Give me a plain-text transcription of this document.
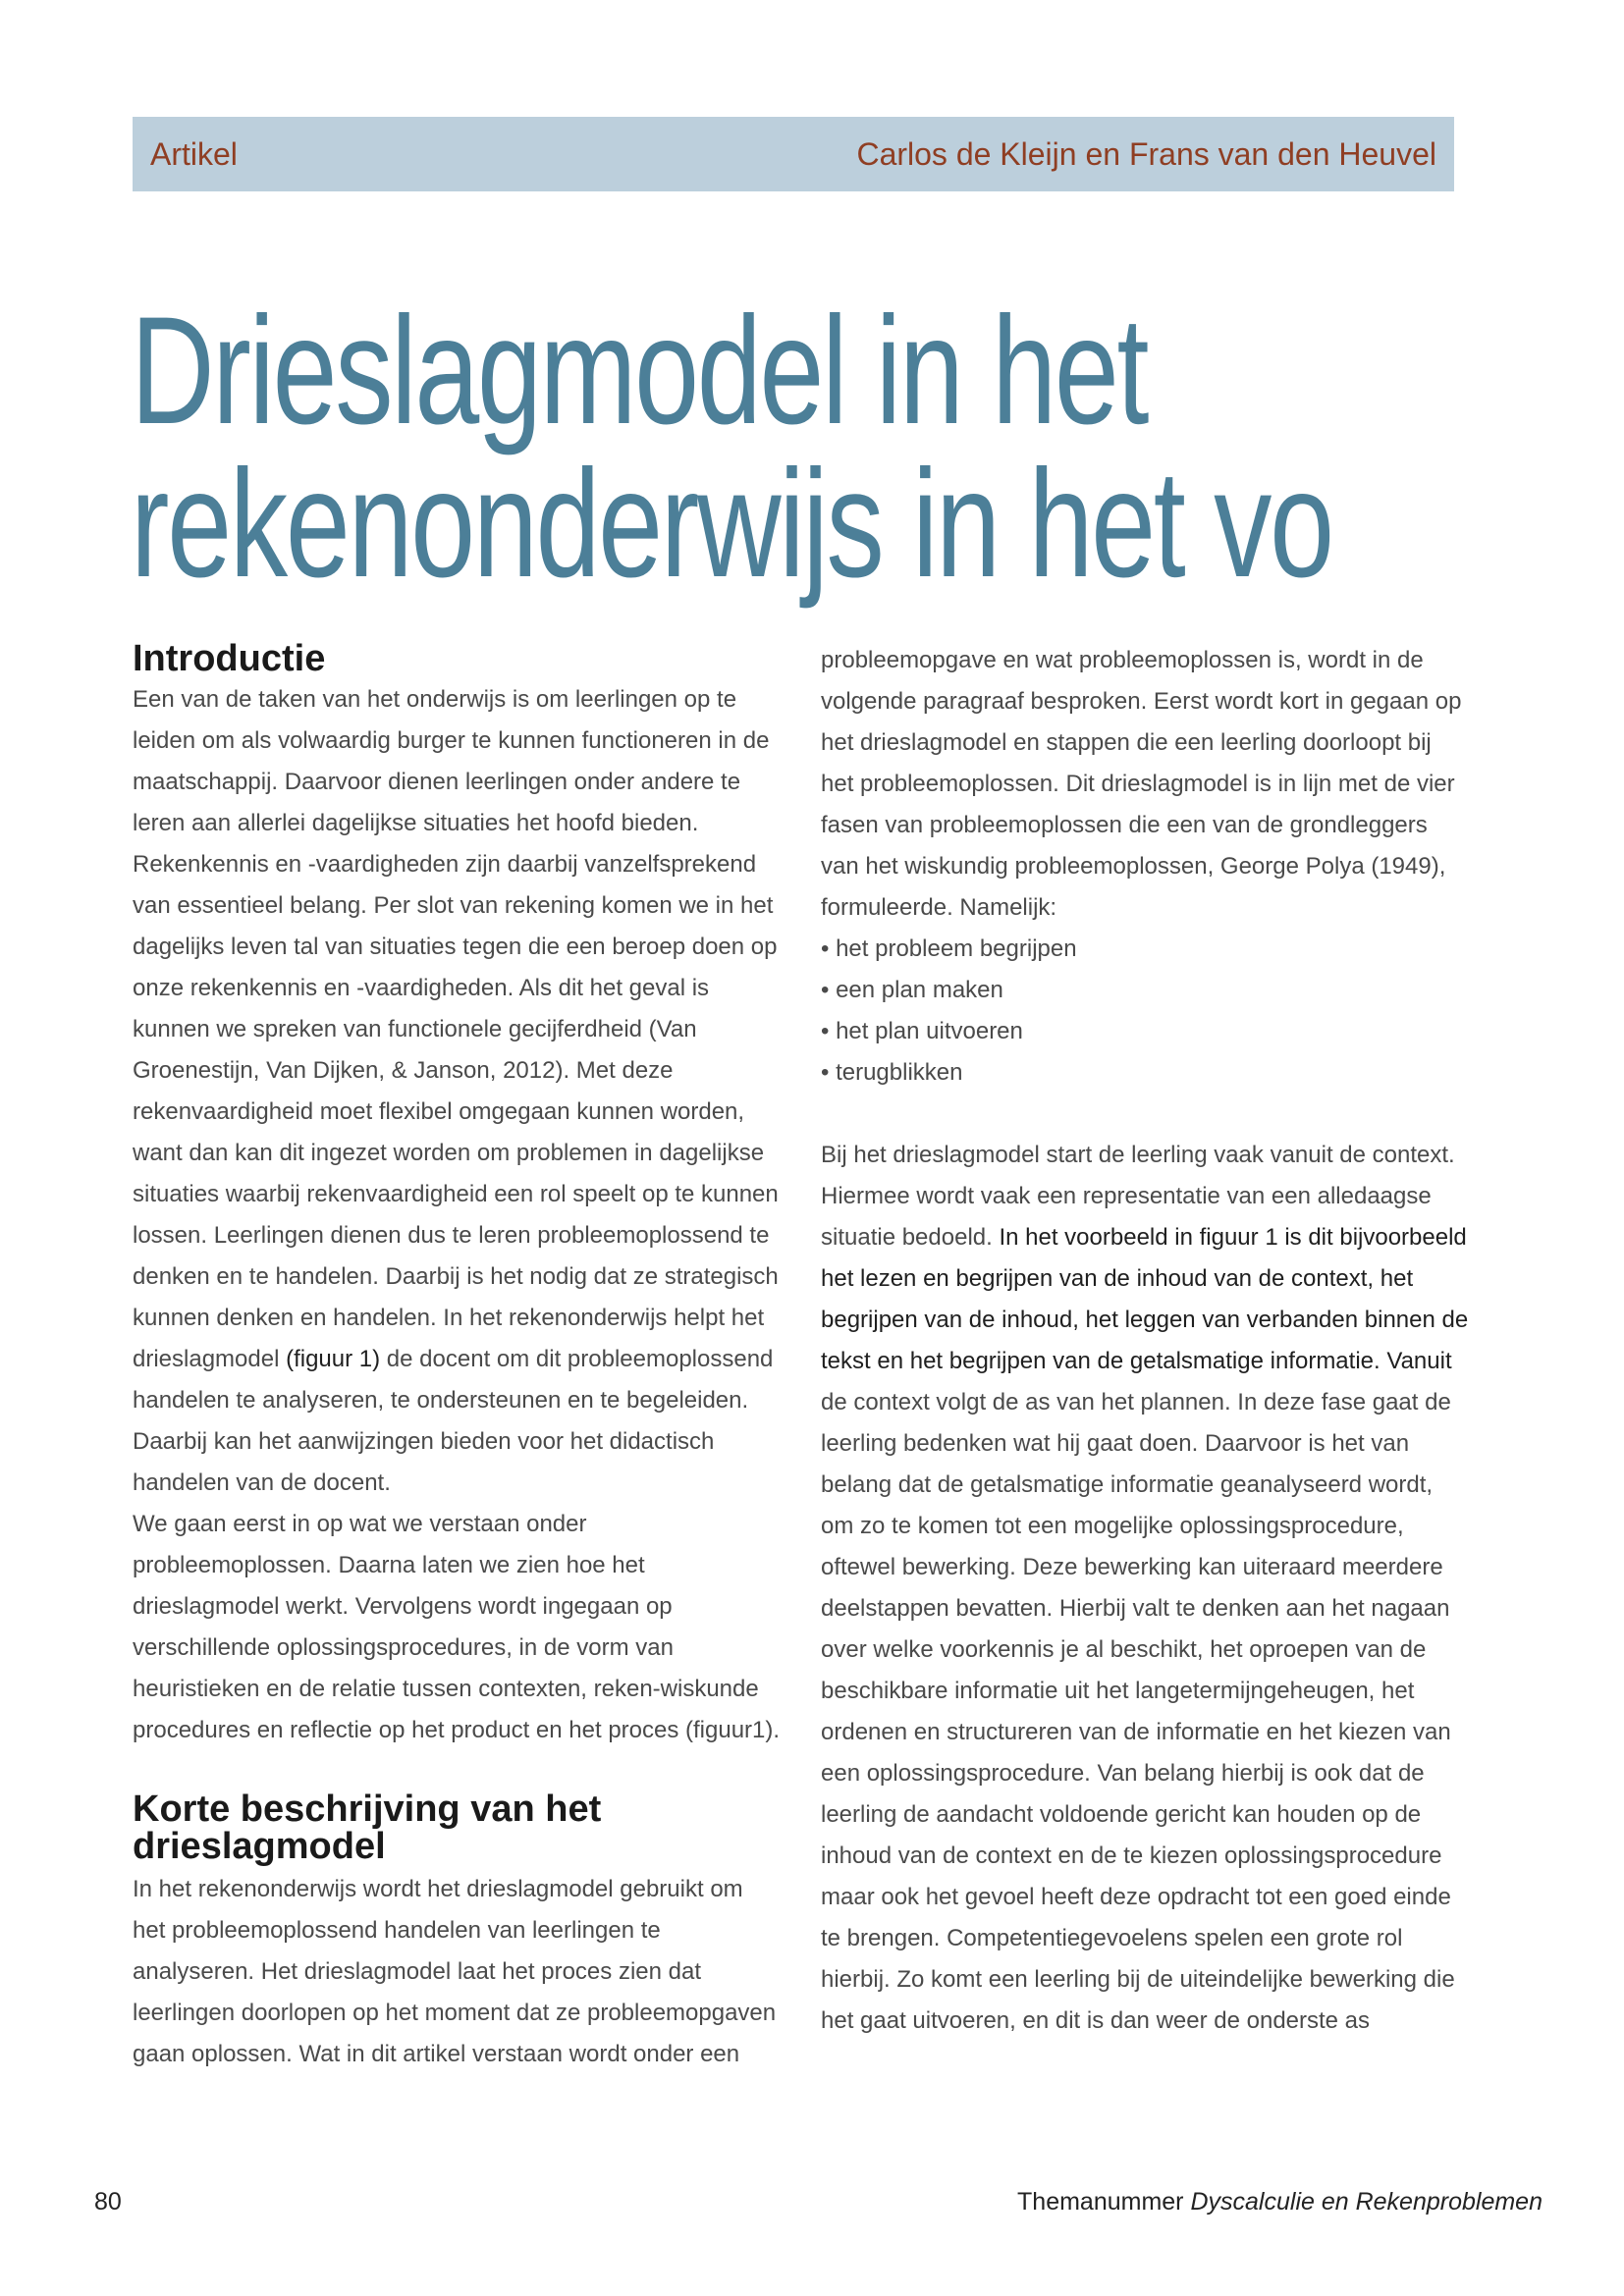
Artikel	Carlos de Kleijn en Frans van den Heuvel
Drieslagmodel in het
rekenonderwijs in het vo
Introductie

Een van de taken van het onderwijs is om leerlingen op te leiden om als volwaardig burger te kunnen functioneren in de maatschappij. Daarvoor dienen leerlingen onder andere te leren aan allerlei dagelijkse situaties het hoofd bieden. Rekenkennis en -vaardigheden zijn daarbij vanzelfsprekend van essentieel belang. Per slot van rekening komen we in het dagelijks leven tal van situaties tegen die een beroep doen op onze rekenkennis en -vaardigheden. Als dit het geval is kunnen we spreken van functionele gecijferdheid (Van Groenestijn, Van Dijken, & Janson, 2012). Met deze rekenvaardigheid moet flexibel omgegaan kunnen worden, want dan kan dit ingezet worden om problemen in dagelijkse situaties waarbij rekenvaardigheid een rol speelt op te kunnen lossen. Leerlingen dienen dus te leren probleemoplossend te denken en te handelen. Daarbij is het nodig dat ze strategisch kunnen denken en handelen. In het rekenonderwijs helpt het drieslagmodel (figuur 1) de docent om dit probleemoplossend handelen te analyseren, te ondersteunen en te begeleiden. Daarbij kan het aanwijzingen bieden voor het didactisch handelen van de docent.

We gaan eerst in op wat we verstaan onder probleemoplossen. Daarna laten we zien hoe het drieslagmodel werkt. Vervolgens wordt ingegaan op verschillende oplossingsprocedures, in de vorm van heuristieken en de relatie tussen contexten, reken-wiskunde procedures en reflectie op het product en het proces (figuur1).

Korte beschrijving van het drieslagmodel

In het rekenonderwijs wordt het drieslagmodel gebruikt om het probleemoplossend handelen van leerlingen te analyseren. Het drieslagmodel laat het proces zien dat leerlingen doorlopen op het moment dat ze probleemopgaven gaan oplossen. Wat in dit artikel verstaan wordt onder een

probleemopgave en wat probleemoplossen is, wordt in de volgende paragraaf besproken. Eerst wordt kort in gegaan op het drieslagmodel en stappen die een leerling doorloopt bij het probleemoplossen. Dit drieslagmodel is in lijn met de vier fasen van probleemoplossen die een van de grondleggers van het wiskundig probleemoplossen, George Polya (1949), formuleerde. Namelijk:

• het probleem begrijpen
• een plan maken
• het plan uitvoeren
• terugblikken

Bij het drieslagmodel start de leerling vaak vanuit de context. Hiermee wordt vaak een representatie van een alledaagse situatie bedoeld. In het voorbeeld in figuur 1 is dit bijvoorbeeld het lezen en begrijpen van de inhoud van de context, het begrijpen van de inhoud, het leggen van verbanden binnen de tekst en het begrijpen van de getalsmatige informatie. Vanuit de context volgt de as van het plannen. In deze fase gaat de leerling bedenken wat hij gaat doen. Daarvoor is het van belang dat de getalsmatige informatie geanalyseerd wordt, om zo te komen tot een mogelijke oplossingsprocedure, oftewel bewerking. Deze bewerking kan uiteraard meerdere deelstappen bevatten. Hierbij valt te denken aan het nagaan over welke voorkennis je al beschikt, het oproepen van de beschikbare informatie uit het langetermijngeheugen, het ordenen en structureren van de informatie en het kiezen van een oplossingsprocedure. Van belang hierbij is ook dat de leerling de aandacht voldoende gericht kan houden op de inhoud van de context en de te kiezen oplossingsprocedure maar ook het gevoel heeft deze opdracht tot een goed einde te brengen. Competentiegevoelens spelen een grote rol hierbij. Zo komt een leerling bij de uiteindelijke bewerking die het gaat uitvoeren, en dit is dan weer de onderste as

80	Themanummer Dyscalculie en Rekenproblemen
